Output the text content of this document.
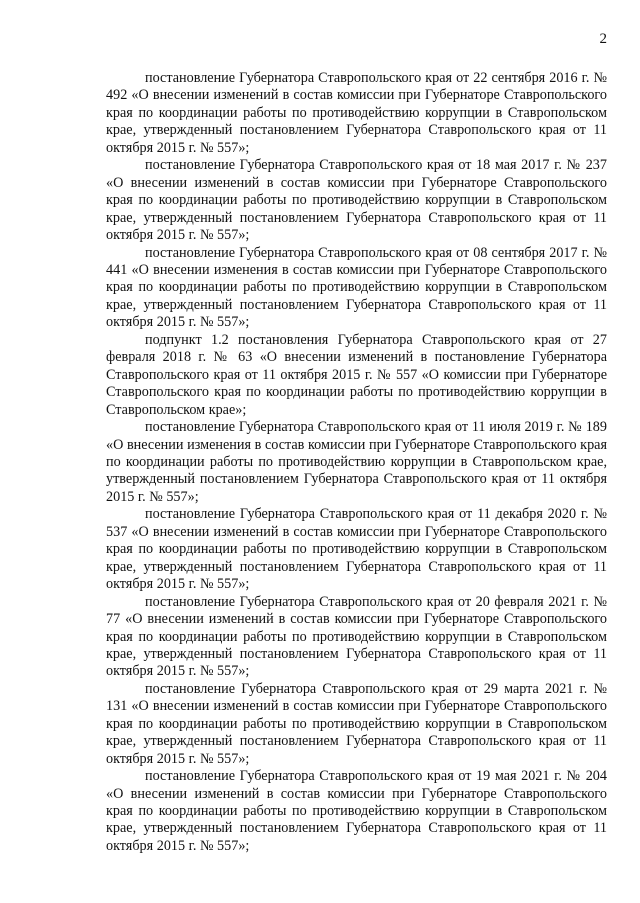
2

постановление Губернатора Ставропольского края от 22 сентября 2016 г. № 492 «О внесении изменений в состав комиссии при Губернаторе Ставропольского края по координации работы по противодействию коррупции в Ставропольском крае, утвержденный постановлением Губернатора Ставропольского края от 11 октября 2015 г. № 557»;

постановление Губернатора Ставропольского края от 18 мая 2017 г. № 237 «О внесении изменений в состав комиссии при Губернаторе Ставропольского края по координации работы по противодействию коррупции в Ставропольском крае, утвержденный постановлением Губернатора Ставропольского края от 11 октября 2015 г. № 557»;

постановление Губернатора Ставропольского края от 08 сентября 2017 г. № 441 «О внесении изменения в состав комиссии при Губернаторе Ставропольского края по координации работы по противодействию коррупции в Ставропольском крае, утвержденный постановлением Губернатора Ставропольского края от 11 октября 2015 г. № 557»;

подпункт 1.2 постановления Губернатора Ставропольского края от 27 февраля 2018 г. № 63 «О внесении изменений в постановление Губернатора Ставропольского края от 11 октября 2015 г. № 557 «О комиссии при Губернаторе Ставропольского края по координации работы по противодействию коррупции в Ставропольском крае»;

постановление Губернатора Ставропольского края от 11 июля 2019 г. № 189 «О внесении изменения в состав комиссии при Губернаторе Ставропольского края по координации работы по противодействию коррупции в Ставропольском крае, утвержденный постановлением Губернатора Ставропольского края от 11 октября 2015 г. № 557»;

постановление Губернатора Ставропольского края от 11 декабря 2020 г. № 537 «О внесении изменений в состав комиссии при Губернаторе Ставропольского края по координации работы по противодействию коррупции в Ставропольском крае, утвержденный постановлением Губернатора Ставропольского края от 11 октября 2015 г. № 557»;

постановление Губернатора Ставропольского края от 20 февраля 2021 г. № 77 «О внесении изменений в состав комиссии при Губернаторе Ставропольского края по координации работы по противодействию коррупции в Ставропольском крае, утвержденный постановлением Губернатора Ставропольского края от 11 октября 2015 г. № 557»;

постановление Губернатора Ставропольского края от 29 марта 2021 г. № 131 «О внесении изменений в состав комиссии при Губернаторе Ставропольского края по координации работы по противодействию коррупции в Ставропольском крае, утвержденный постановлением Губернатора Ставропольского края от 11 октября 2015 г. № 557»;

постановление Губернатора Ставропольского края от 19 мая 2021 г. № 204 «О внесении изменений в состав комиссии при Губернаторе Ставропольского края по координации работы по противодействию коррупции в Ставропольском крае, утвержденный постановлением Губернатора Ставропольского края от 11 октября 2015 г. № 557»;
